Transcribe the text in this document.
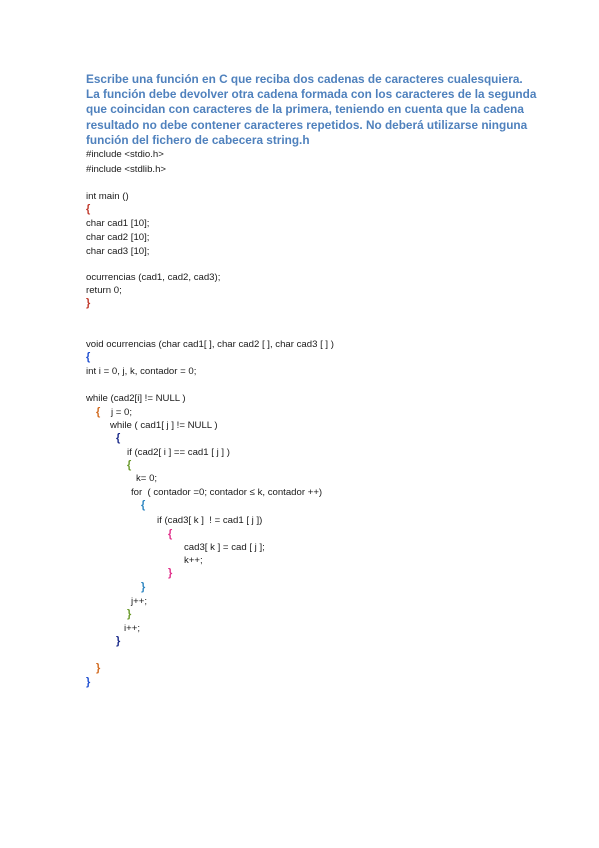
Escribe una función en C que reciba dos cadenas de caracteres cualesquiera.
La función debe devolver otra cadena formada con los caracteres de la segunda
que coincidan con caracteres de la primera, teniendo en cuenta que la cadena
resultado no debe contener caracteres repetidos. No deberá utilizarse ninguna
función del fichero de cabecera string.h
#include <stdio.h>
#include <stdlib.h>
int main ()
{
char cad1 [10];
char cad2 [10];
char cad3 [10];
ocurrencias (cad1, cad2, cad3);
return 0;
}
void ocurrencias (char cad1[ ], char cad2 [ ], char cad3 [ ] )
{
int i = 0, j, k, contador = 0;
while (cad2[i] != NULL )
{    j = 0;
while ( cad1[ j ] != NULL )
{
if (cad2[ i ] == cad1 [ j ] )
{
k= 0;
for  ( contador =0; contador ≤ k, contador ++)
{
if (cad3[ k ]  ! = cad1 [ j ])
{
cad3[ k ] = cad [ j ];
k++;
}
}
j++;
}
i++;
}
}
}
